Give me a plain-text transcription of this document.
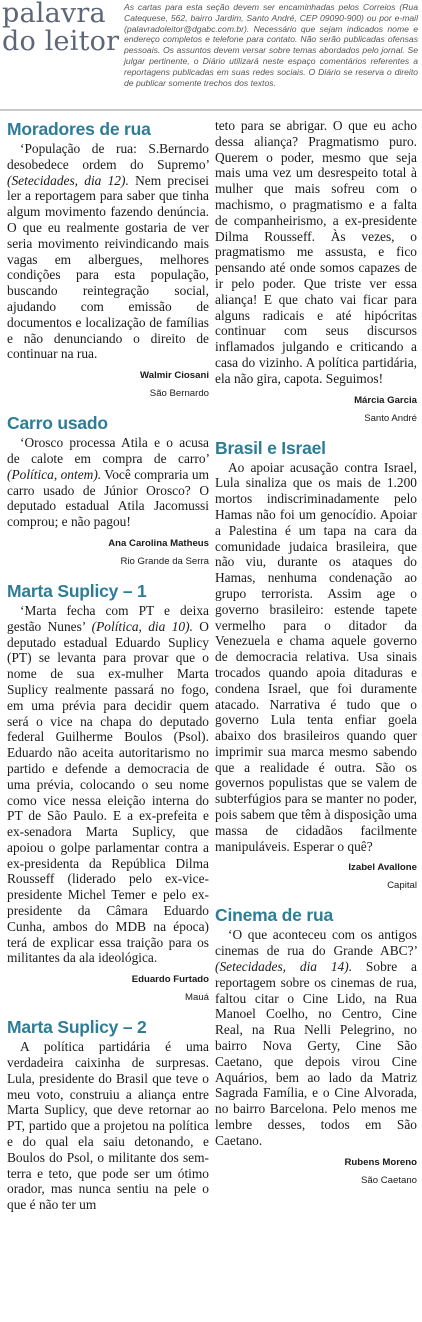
palavra
do leitor
As cartas para esta seção devem ser encaminhadas pelos Correios (Rua Catequese, 562, bairro Jardim, Santo André, CEP 09090-900) ou por e-mail (palavradoleitor@dgabc.com.br). Necessário que sejam indicados nome e endereço completos e telefone para contato. Não serão publicadas ofensas pessoais. Os assuntos devem versar sobre temas abordados pelo jornal. Se julgar pertinente, o Diário utilizará neste espaço comentários referentes a reportagens publicadas em suas redes sociais. O Diário se reserva o direito de publicar somente trechos dos textos.
Moradores de rua

‘População de rua: S.Bernardo desobedece ordem do Supremo’ (Setecidades, dia 12). Nem precisei ler a reportagem para saber que tinha algum movimento fazendo denúncia. O que eu realmente gostaria de ver seria movimento reivindicando mais vagas em albergues, melhores condições para esta população, buscando reintegração social, ajudando com emissão de documentos e localização de famílias e não denunciando o direito de continuar na rua.

Walmir Ciosani
São Bernardo
Carro usado

‘Orosco processa Atila e o acusa de calote em compra de carro’ (Política, ontem). Você compraria um carro usado de Júnior Orosco? O deputado estadual Atila Jacomussi comprou; e não pagou!

Ana Carolina Matheus
Rio Grande da Serra
Marta Suplicy – 1

‘Marta fecha com PT e deixa gestão Nunes’ (Política, dia 10). O deputado estadual Eduardo Suplicy (PT) se levanta para provar que o nome de sua ex-mulher Marta Suplicy realmente passará no fogo, em uma prévia para decidir quem será o vice na chapa do deputado federal Guilherme Boulos (Psol). Eduardo não aceita autoritarismo no partido e defende a democracia de uma prévia, colocando o seu nome como vice nessa eleição interna do PT de São Paulo. E a ex-prefeita e ex-senadora Marta Suplicy, que apoiou o golpe parlamentar contra a ex-presidenta da República Dilma Rousseff (liderado pelo ex-vice-presidente Michel Temer e pelo ex-presidente da Câmara Eduardo Cunha, ambos do MDB na época) terá de explicar essa traição para os militantes da ala ideológica.

Eduardo Furtado
Mauá
Marta Suplicy – 2

A política partidária é uma verdadeira caixinha de surpresas. Lula, presidente do Brasil que teve o meu voto, construiu a aliança entre Marta Suplicy, que deve retornar ao PT, partido que a projetou na política e do qual ela saiu detonando, e Boulos do Psol, o militante dos sem-terra e teto, que pode ser um ótimo orador, mas nunca sentiu na pele o que é não ter um

teto para se abrigar. O que eu acho dessa aliança? Pragmatismo puro. Querem o poder, mesmo que seja mais uma vez um desrespeito total à mulher que mais sofreu com o machismo, o pragmatismo e a falta de companheirismo, a ex-presidente Dilma Rousseff. Às vezes, o pragmatismo me assusta, e fico pensando até onde somos capazes de ir pelo poder. Que triste ver essa aliança! E que chato vai ficar para alguns radicais e até hipócritas continuar com seus discursos inflamados julgando e criticando a casa do vizinho. A política partidária, ela não gira, capota. Seguimos!

Márcia Garcia
Santo André
Brasil e Israel

Ao apoiar acusação contra Israel, Lula sinaliza que os mais de 1.200 mortos indiscriminadamente pelo Hamas não foi um genocídio. Apoiar a Palestina é um tapa na cara da comunidade judaica brasileira, que não viu, durante os ataques do Hamas, nenhuma condenação ao grupo terrorista. Assim age o governo brasileiro: estende tapete vermelho para o ditador da Venezuela e chama aquele governo de democracia relativa. Usa sinais trocados quando apoia ditaduras e condena Israel, que foi duramente atacado. Narrativa é tudo que o governo Lula tenta enfiar goela abaixo dos brasileiros quando quer imprimir sua marca mesmo sabendo que a realidade é outra. São os governos populistas que se valem de subterfúgios para se manter no poder, pois sabem que têm à disposição uma massa de cidadãos facilmente manipuláveis. Esperar o quê?

Izabel Avallone
Capital
Cinema de rua

‘O que aconteceu com os antigos cinemas de rua do Grande ABC?’ (Setecidades, dia 14). Sobre a reportagem sobre os cinemas de rua, faltou citar o Cine Lido, na Rua Manoel Coelho, no Centro, Cine Real, na Rua Nelli Pelegrino, no bairro Nova Gerty, Cine São Caetano, que depois virou Cine Aquários, bem ao lado da Matriz Sagrada Família, e o Cine Alvorada, no bairro Barcelona. Pelo menos me lembre desses, todos em São Caetano.

Rubens Moreno
São Caetano
